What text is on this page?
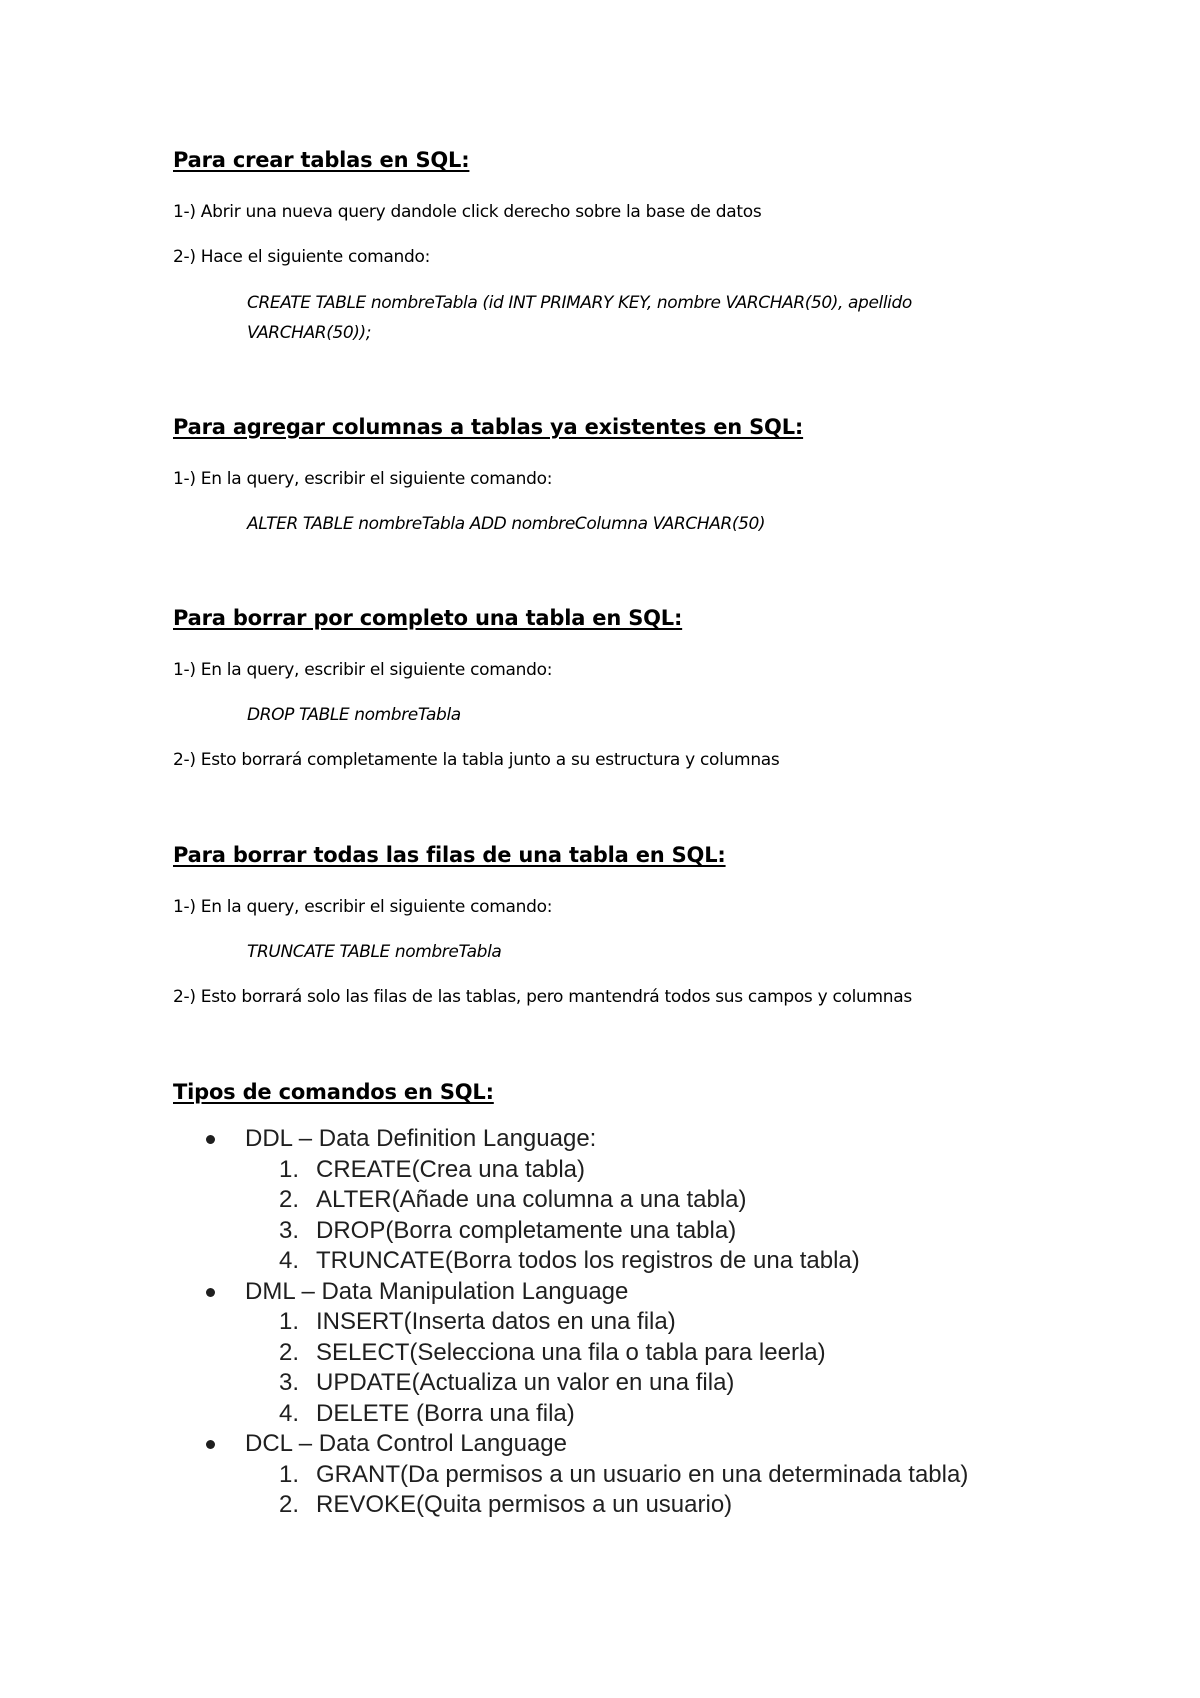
Para crear tablas en SQL:

1-) Abrir una nueva query dandole click derecho sobre la base de datos

2-) Hace el siguiente comando:

CREATE TABLE nombreTabla (id INT PRIMARY KEY, nombre VARCHAR(50), apellido VARCHAR(50));

Para agregar columnas a tablas ya existentes en SQL:

1-) En la query, escribir el siguiente comando:

ALTER TABLE nombreTabla ADD nombreColumna VARCHAR(50)

Para borrar por completo una tabla en SQL:

1-) En la query, escribir el siguiente comando:

DROP TABLE nombreTabla

2-) Esto borrará completamente la tabla junto a su estructura y columnas

Para borrar todas las filas de una tabla en SQL:

1-) En la query, escribir el siguiente comando:

TRUNCATE TABLE nombreTabla

2-) Esto borrará solo las filas de las tablas, pero mantendrá todos sus campos y columnas

Tipos de comandos en SQL:
DDL – Data Definition Language:
1. CREATE(Crea una tabla)
2. ALTER(Añade una columna a una tabla)
3. DROP(Borra completamente una tabla)
4. TRUNCATE(Borra todos los registros de una tabla)
DML – Data Manipulation Language
1. INSERT(Inserta datos en una fila)
2. SELECT(Selecciona una fila o tabla para leerla)
3. UPDATE(Actualiza un valor en una fila)
4. DELETE (Borra una fila)
DCL – Data Control Language
1. GRANT(Da permisos a un usuario en una determinada tabla)
2. REVOKE(Quita permisos a un usuario)
